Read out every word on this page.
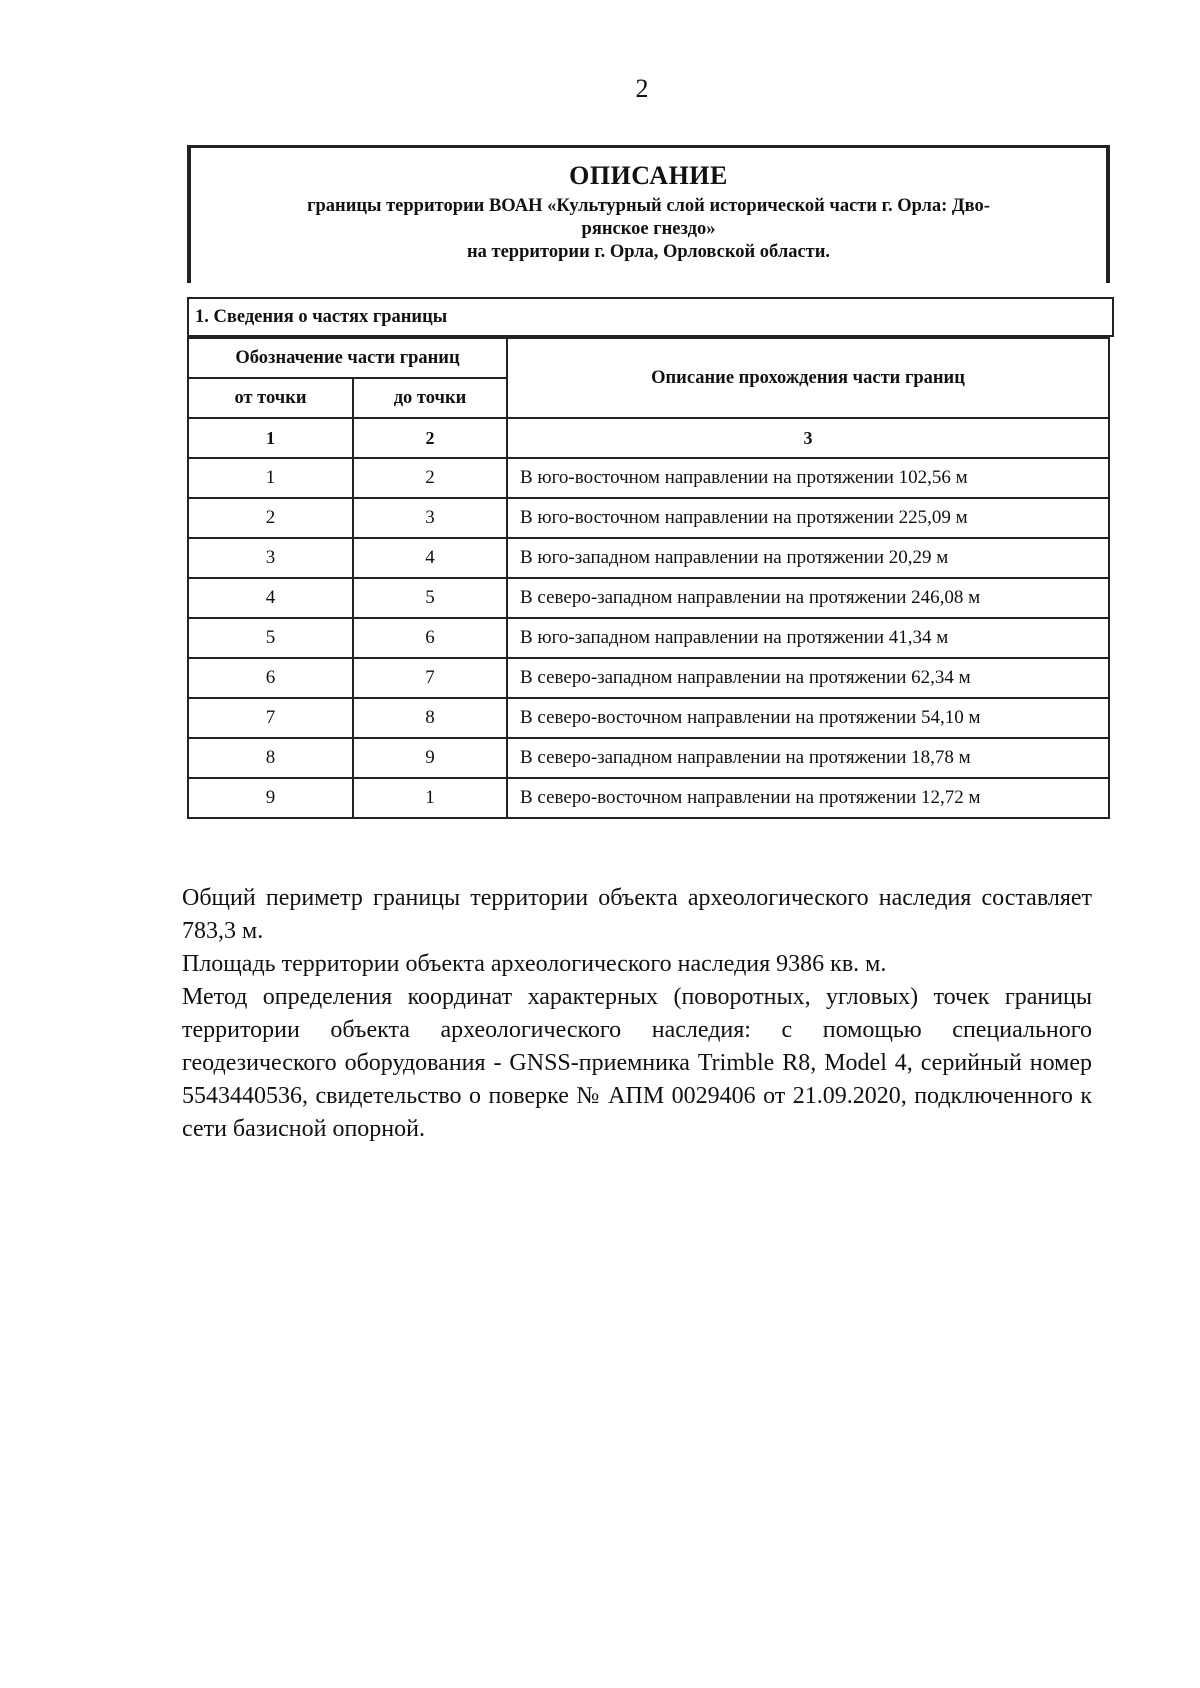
2
ОПИСАНИЕ
границы территории ВОАН «Культурный слой исторической части г. Орла: Дво-
рянское гнездо»
на территории г. Орла, Орловской области.
1. Сведения о частях границы
Обозначение части границ		Описание прохождения части границ
от точки	до точки	
1	2	3
1	2	В юго-восточном направлении на протяжении 102,56 м
2	3	В юго-восточном направлении на протяжении 225,09 м
3	4	В юго-западном направлении на протяжении 20,29 м
4	5	В северо-западном направлении на протяжении 246,08 м
5	6	В юго-западном направлении на протяжении 41,34 м
6	7	В северо-западном направлении на протяжении 62,34 м
7	8	В северо-восточном направлении на протяжении 54,10 м
8	9	В северо-западном направлении на протяжении 18,78 м
9	1	В северо-восточном направлении на протяжении 12,72 м

Общий периметр границы территории объекта археологического наследия составляет 783,3 м.

Площадь территории объекта археологического наследия 9386 кв. м.

Метод определения координат характерных (поворотных, угловых) точек границы территории объекта археологического наследия: с помощью специального геодезического оборудования - GNSS-приемника Trimble R8, Model 4, серийный номер 5543440536, свидетельство о поверке № АПМ 0029406 от 21.09.2020, подключенного к сети базисной опорной.
